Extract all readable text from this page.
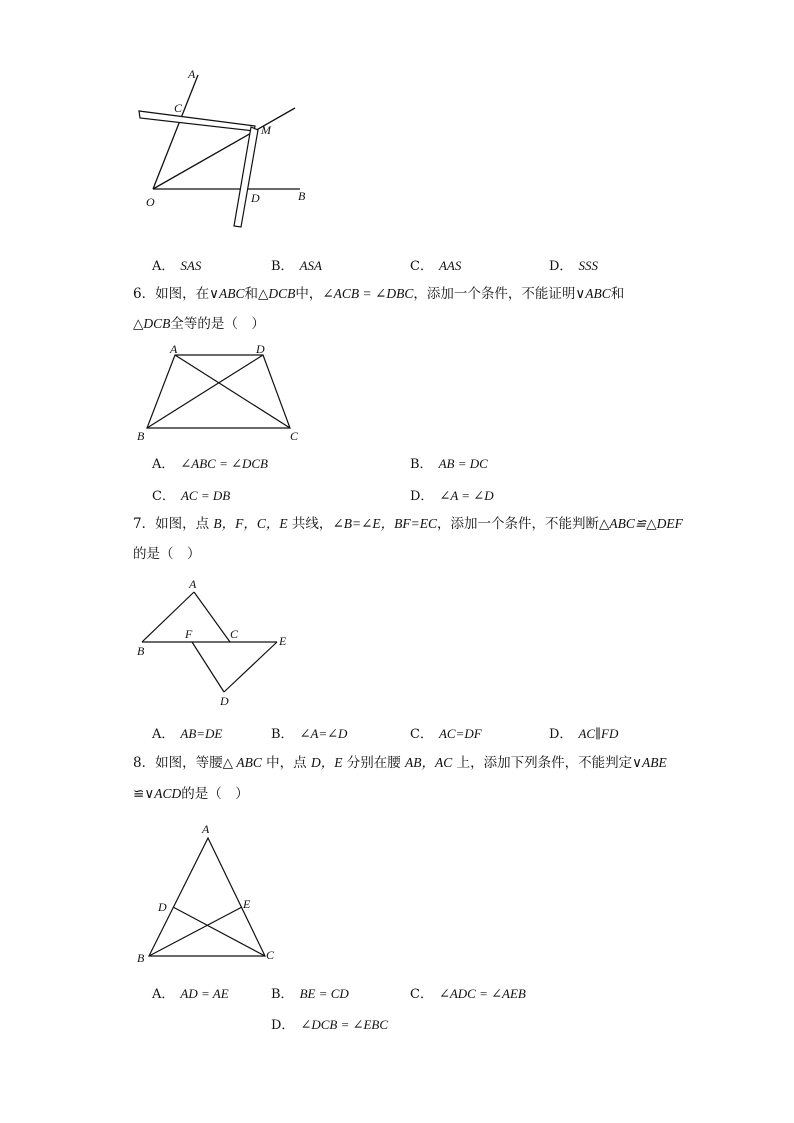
A
C
M
O	D	B
A． SAS	B． ASA	C． AAS	D． SSS
6．如图，在∨ABC和△DCB中，∠ACB = ∠DBC，添加一个条件，不能证明∨ABC和
△DCB全等的是（　）
A	D
B	C
A． ∠ABC = ∠DCB	B． AB = DC
C． AC = DB	D． ∠A = ∠D
7．如图，点 B，F，C，E 共线，∠B=∠E，BF=EC，添加一个条件，不能判断△ABC≌△DEF
的是（　）
A
F	C	E
B
D
A． AB=DE	B． ∠A=∠D	C． AC=DF	D． AC∥FD
8．如图，等腰△ ABC 中，点 D，E 分别在腰 AB，AC 上，添加下列条件，不能判定∨ABE
≌∨ACD的是（　）
A
D	E
B	C
A． AD = AE	B． BE = CD	C． ∠ADC = ∠AEB
D． ∠DCB = ∠EBC
